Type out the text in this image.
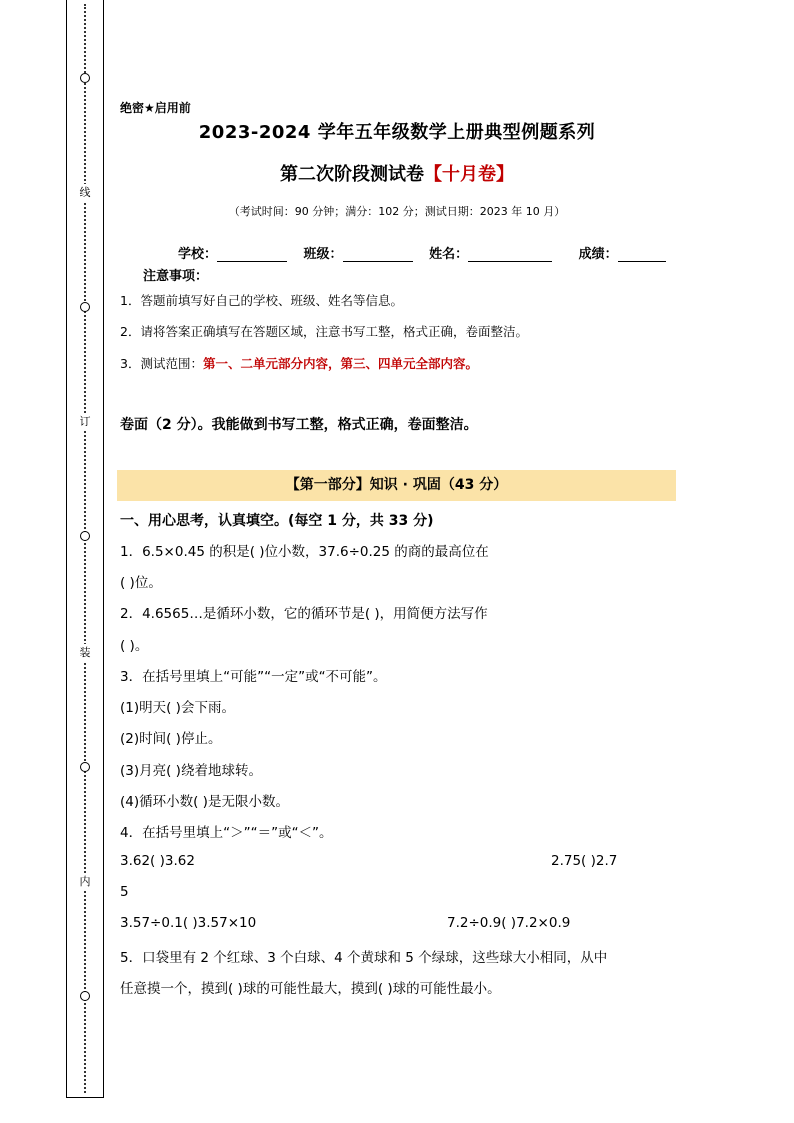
线
订
装
内
绝密★启用前
2023-2024 学年五年级数学上册典型例题系列
第二次阶段测试卷【十月卷】
（考试时间：90 分钟；满分：102 分；测试日期：2023 年 10 月）
学校：	班级：	姓名：	成绩：
注意事项：
1．答题前填写好自己的学校、班级、姓名等信息。
2．请将答案正确填写在答题区域，注意书写工整，格式正确，卷面整洁。
3．测试范围：第一、二单元部分内容，第三、四单元全部内容。
卷面（2 分）。我能做到书写工整，格式正确，卷面整洁。
【第一部分】知识 · 巩固（43 分）
一、用心思考，认真填空。(每空 1 分，共 33 分)
1．6.5×0.45 的积是( )位小数，37.6÷0.25 的商的最高位在
( )位。
2．4.6565…是循环小数，它的循环节是( )，用简便方法写作
( )。
3．在括号里填上“可能”“一定”或“不可能”。
(1)明天( )会下雨。
(2)时间( )停止。
(3)月亮( )绕着地球转。
(4)循环小数( )是无限小数。
4．在括号里填上“＞”“＝”或“＜”。
3.62( )3.62	2.75( )2.7
5
3.57÷0.1( )3.57×10	7.2÷0.9( )7.2×0.9
5．口袋里有 2 个红球、3 个白球、4 个黄球和 5 个绿球，这些球大小相同，从中
任意摸一个，摸到( )球的可能性最大，摸到( )球的可能性最小。
